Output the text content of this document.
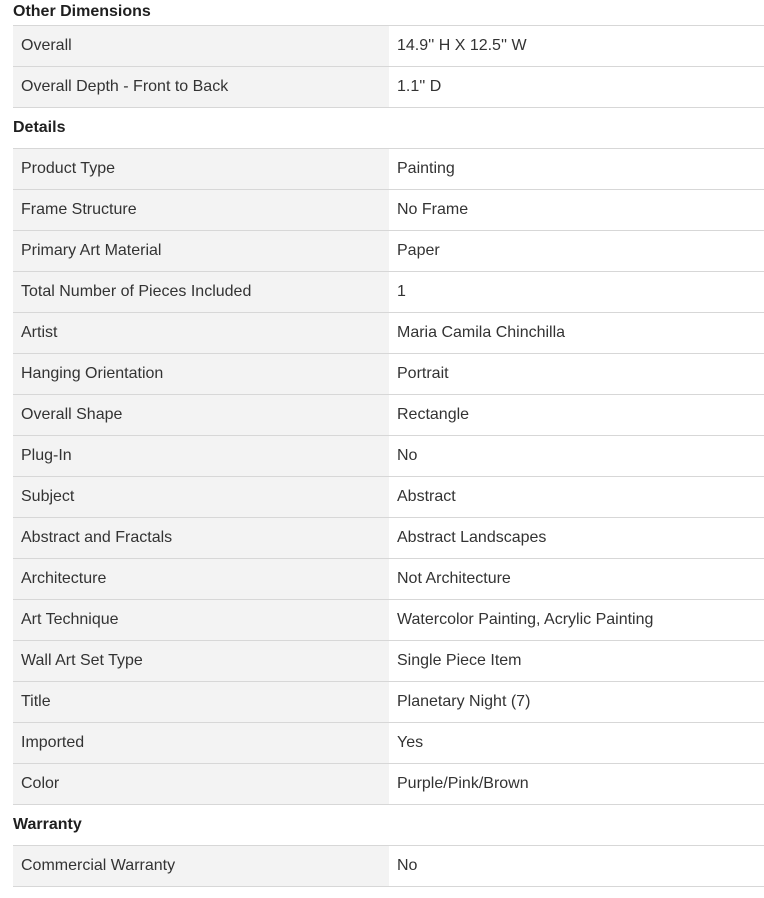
Other Dimensions
Overall	14.9'' H X 12.5'' W
Overall Depth - Front to Back	1.1'' D
Details
Product Type	Painting
Frame Structure	No Frame
Primary Art Material	Paper
Total Number of Pieces Included	1
Artist	Maria Camila Chinchilla
Hanging Orientation	Portrait
Overall Shape	Rectangle
Plug-In	No
Subject	Abstract
Abstract and Fractals	Abstract Landscapes
Architecture	Not Architecture
Art Technique	Watercolor Painting, Acrylic Painting
Wall Art Set Type	Single Piece Item
Title	Planetary Night (7)
Imported	Yes
Color	Purple/Pink/Brown
Warranty
Commercial Warranty	No
